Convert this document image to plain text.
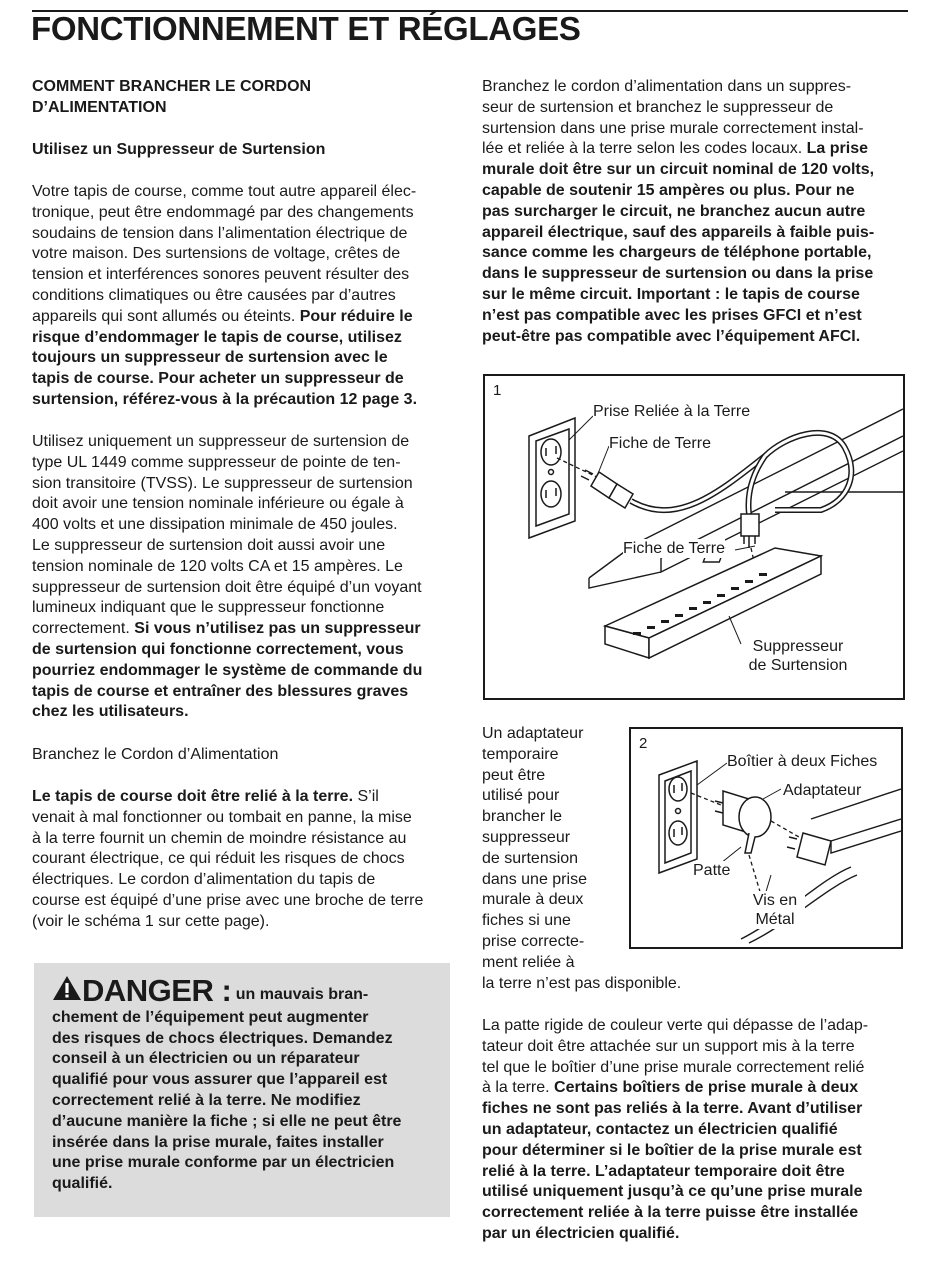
FONCTIONNEMENT ET RÉGLAGES

COMMENT BRANCHER LE CORDON

D’ALIMENTATION

Utilisez un Suppresseur de Surtension

Votre tapis de course, comme tout autre appareil élec-

tronique, peut être endommagé par des changements

soudains de tension dans l’alimentation électrique de

votre maison. Des surtensions de voltage, crêtes de

tension et interférences sonores peuvent résulter des

conditions climatiques ou être causées par d’autres

appareils qui sont allumés ou éteints. Pour réduire le

risque d’endommager le tapis de course, utilisez

toujours un suppresseur de surtension avec le

tapis de course. Pour acheter un suppresseur de

surtension, référez-vous à la précaution 12 page 3.

Utilisez uniquement un suppresseur de surtension de

type UL 1449 comme suppresseur de pointe de ten-

sion transitoire (TVSS). Le suppresseur de surtension

doit avoir une tension nominale inférieure ou égale à

400 volts et une dissipation minimale de 450 joules.

Le suppresseur de surtension doit aussi avoir une

tension nominale de 120 volts CA et 15 ampères. Le

suppresseur de surtension doit être équipé d’un voyant

lumineux indiquant que le suppresseur fonctionne

correctement. Si vous n’utilisez pas un suppresseur

de surtension qui fonctionne correctement, vous

pourriez endommager le système de commande du

tapis de course et entraîner des blessures graves

chez les utilisateurs.

Branchez le Cordon d’Alimentation

Le tapis de course doit être relié à la terre. S’il

venait à mal fonctionner ou tombait en panne, la mise

à la terre fournit un chemin de moindre résistance au

courant électrique, ce qui réduit les risques de chocs

électriques. Le cordon d’alimentation du tapis de

course est équipé d’une prise avec une broche de terre

(voir le schéma 1 sur cette page).

DANGER : un mauvais bran-

chement de l’équipement peut augmenter

des risques de chocs électriques. Demandez

conseil à un électricien ou un réparateur

qualifié pour vous assurer que l’appareil est

correctement relié à la terre. Ne modifiez

d’aucune manière la fiche ; si elle ne peut être

insérée dans la prise murale, faites installer

une prise murale conforme par un électricien

qualifié.

Branchez le cordon d’alimentation dans un suppres-

seur de surtension et branchez le suppresseur de

surtension dans une prise murale correctement instal-

lée et reliée à la terre selon les codes locaux. La prise

murale doit être sur un circuit nominal de 120 volts,

capable de soutenir 15 ampères ou plus. Pour ne

pas surcharger le circuit, ne branchez aucun autre

appareil électrique, sauf des appareils à faible puis-

sance comme les chargeurs de téléphone portable,

dans le suppresseur de surtension ou dans la prise

sur le même circuit. Important : le tapis de course

n’est pas compatible avec les prises GFCI et n’est

peut-être pas compatible avec l’équipement AFCI.

Un adaptateur

temporaire

peut être

utilisé pour

brancher le

suppresseur

de surtension

dans une prise

murale à deux

fiches si une

prise correcte-

ment reliée à

la terre n’est pas disponible.

La patte rigide de couleur verte qui dépasse de l’adap-

tateur doit être attachée sur un support mis à la terre

tel que le boîtier d’une prise murale correctement relié

à la terre. Certains boîtiers de prise murale à deux

fiches ne sont pas reliés à la terre. Avant d’utiliser

un adaptateur, contactez un électricien qualifié

pour déterminer si le boîtier de la prise murale est

relié à la terre. L’adaptateur temporaire doit être

utilisé uniquement jusqu’à ce qu’une prise murale

correctement reliée à la terre puisse être installée

par un électricien qualifié.

1
Prise Reliée à la Terre
Fiche de Terre
Fiche de Terre
Suppresseur
de Surtension
2
Boîtier à deux Fiches
Adaptateur
Patte
Vis en
Métal
